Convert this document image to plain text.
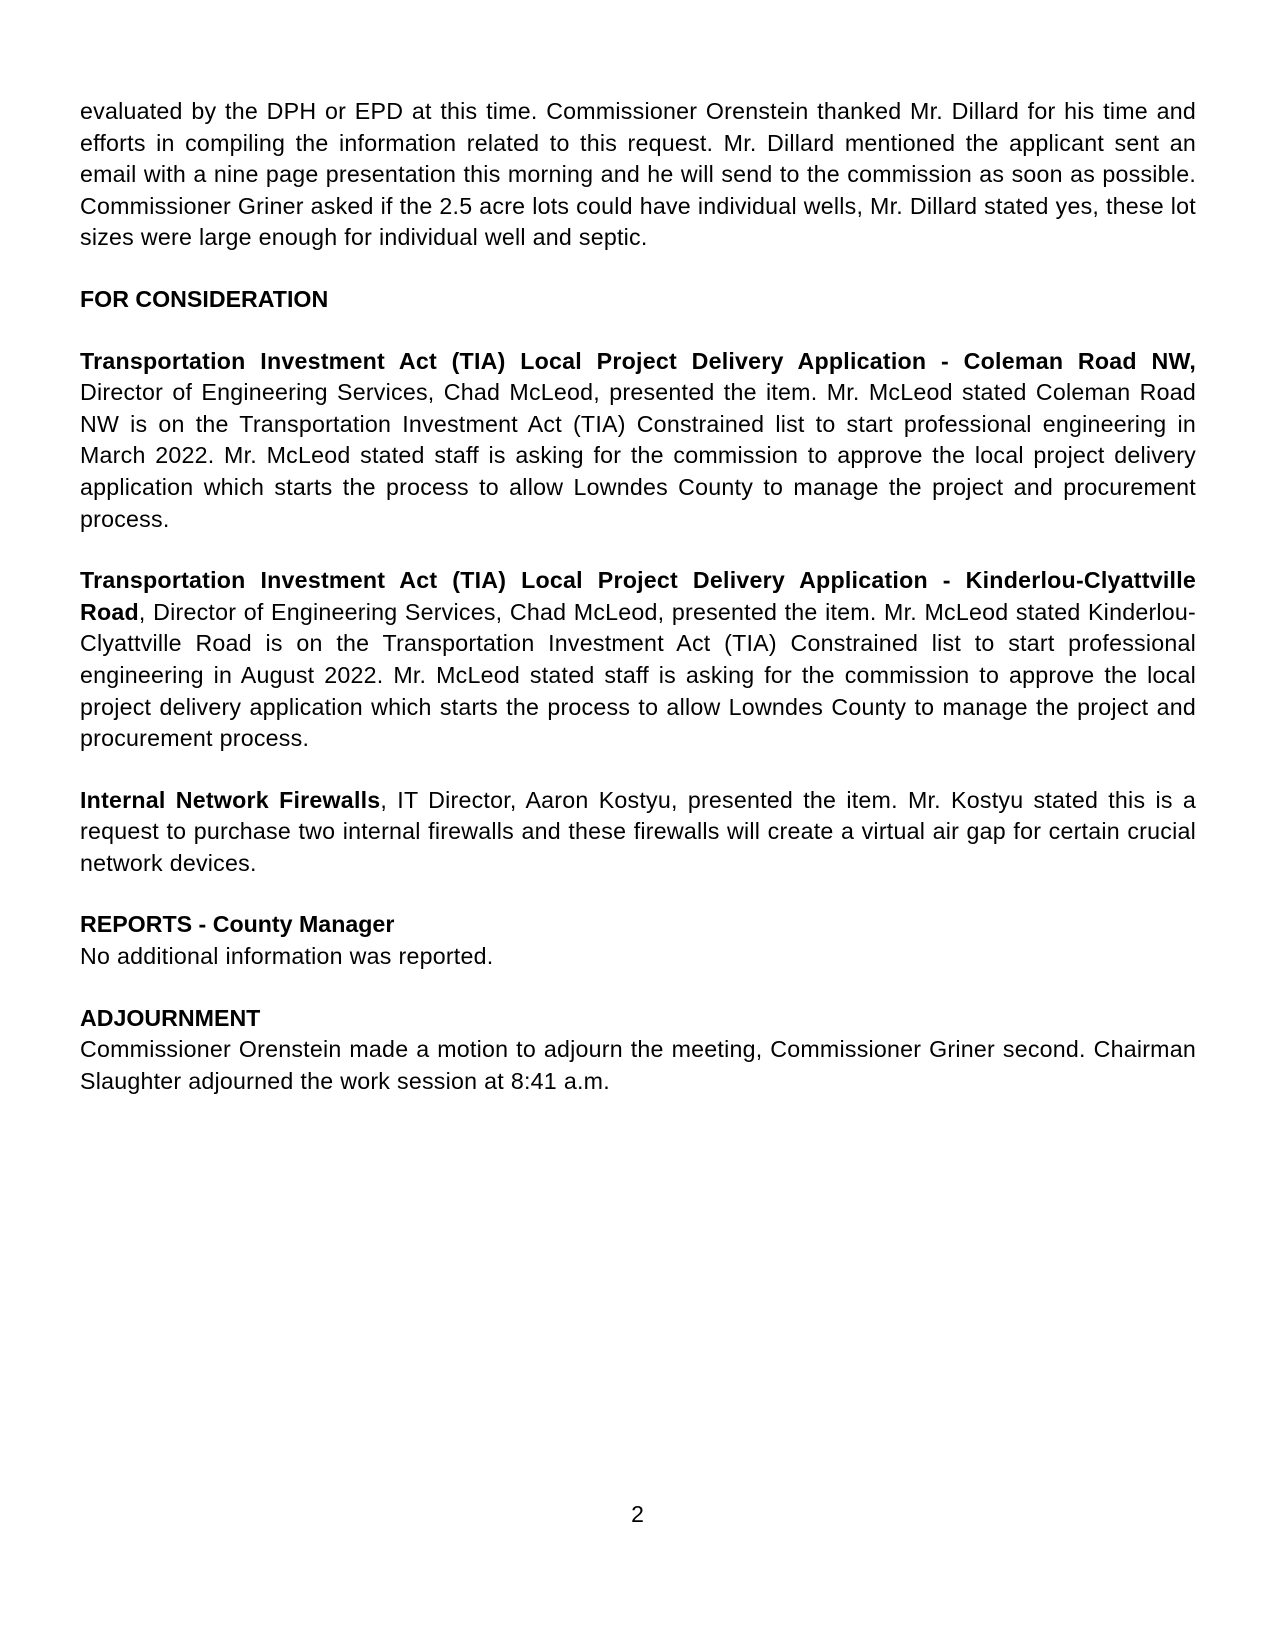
evaluated by the DPH or EPD at this time. Commissioner Orenstein thanked Mr. Dillard for his time and efforts in compiling the information related to this request. Mr. Dillard mentioned the applicant sent an email with a nine page presentation this morning and he will send to the commission as soon as possible. Commissioner Griner asked if the 2.5 acre lots could have individual wells, Mr. Dillard stated yes, these lot sizes were large enough for individual well and septic.

FOR CONSIDERATION

Transportation Investment Act (TIA) Local Project Delivery Application - Coleman Road NW, Director of Engineering Services, Chad McLeod, presented the item. Mr. McLeod stated Coleman Road NW is on the Transportation Investment Act (TIA) Constrained list to start professional engineering in March 2022. Mr. McLeod stated staff is asking for the commission to approve the local project delivery application which starts the process to allow Lowndes County to manage the project and procurement process.

Transportation Investment Act (TIA) Local Project Delivery Application - Kinderlou-Clyattville Road, Director of Engineering Services, Chad McLeod, presented the item. Mr. McLeod stated Kinderlou-Clyattville Road is on the Transportation Investment Act (TIA) Constrained list to start professional engineering in August 2022. Mr. McLeod stated staff is asking for the commission to approve the local project delivery application which starts the process to allow Lowndes County to manage the project and procurement process.

Internal Network Firewalls, IT Director, Aaron Kostyu, presented the item. Mr. Kostyu stated this is a request to purchase two internal firewalls and these firewalls will create a virtual air gap for certain crucial network devices.

REPORTS - County Manager

No additional information was reported.

ADJOURNMENT

Commissioner Orenstein made a motion to adjourn the meeting, Commissioner Griner second. Chairman Slaughter adjourned the work session at 8:41 a.m.

2
